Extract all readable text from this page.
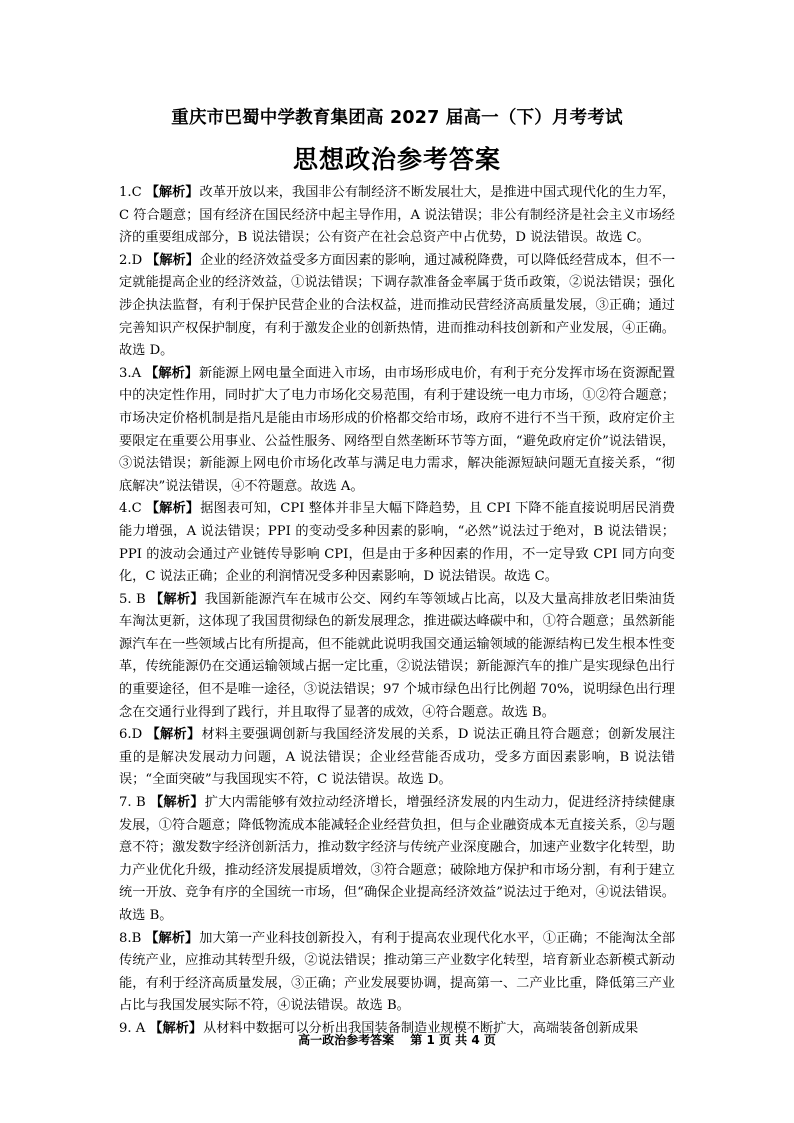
重庆市巴蜀中学教育集团高 2027 届高一（下）月考考试
思想政治参考答案

1.C 【解析】改革开放以来，我国非公有制经济不断发展壮大，是推进中国式现代化的生力军，C 符合题意；国有经济在国民经济中起主导作用，A 说法错误；非公有制经济是社会主义市场经济的重要组成部分，B 说法错误；公有资产在社会总资产中占优势，D 说法错误。故选 C。

2.D 【解析】企业的经济效益受多方面因素的影响，通过减税降费，可以降低经营成本，但不一定就能提高企业的经济效益，①说法错误；下调存款准备金率属于货币政策，②说法错误；强化涉企执法监督，有利于保护民营企业的合法权益，进而推动民营经济高质量发展，③正确；通过完善知识产权保护制度，有利于激发企业的创新热情，进而推动科技创新和产业发展，④正确。故选 D。

3.A 【解析】新能源上网电量全面进入市场，由市场形成电价，有利于充分发挥市场在资源配置中的决定性作用，同时扩大了电力市场化交易范围，有利于建设统一电力市场，①②符合题意；市场决定价格机制是指凡是能由市场形成的价格都交给市场，政府不进行不当干预，政府定价主要限定在重要公用事业、公益性服务、网络型自然垄断环节等方面，“避免政府定价”说法错误，③说法错误；新能源上网电价市场化改革与满足电力需求，解决能源短缺问题无直接关系，“彻底解决”说法错误，④不符题意。故选 A。

4.C 【解析】据图表可知，CPI 整体并非呈大幅下降趋势，且 CPI 下降不能直接说明居民消费能力增强，A 说法错误；PPI 的变动受多种因素的影响，“必然”说法过于绝对，B 说法错误；PPI 的波动会通过产业链传导影响 CPI，但是由于多种因素的作用，不一定导致 CPI 同方向变化，C 说法正确；企业的利润情况受多种因素影响，D 说法错误。故选 C。

5. B 【解析】我国新能源汽车在城市公交、网约车等领域占比高，以及大量高排放老旧柴油货车淘汰更新，这体现了我国贯彻绿色的新发展理念，推进碳达峰碳中和，①符合题意；虽然新能源汽车在一些领域占比有所提高，但不能就此说明我国交通运输领域的能源结构已发生根本性变革，传统能源仍在交通运输领域占据一定比重，②说法错误；新能源汽车的推广是实现绿色出行的重要途径，但不是唯一途径，③说法错误；97 个城市绿色出行比例超 70%，说明绿色出行理念在交通行业得到了践行，并且取得了显著的成效，④符合题意。故选 B。

6.D 【解析】材料主要强调创新与我国经济发展的关系，D 说法正确且符合题意；创新发展注重的是解决发展动力问题，A 说法错误；企业经营能否成功，受多方面因素影响，B 说法错误；“全面突破”与我国现实不符，C 说法错误。故选 D。

7. B 【解析】扩大内需能够有效拉动经济增长，增强经济发展的内生动力，促进经济持续健康发展，①符合题意；降低物流成本能减轻企业经营负担，但与企业融资成本无直接关系，②与题意不符；激发数字经济创新活力，推动数字经济与传统产业深度融合，加速产业数字化转型，助力产业优化升级，推动经济发展提质增效，③符合题意；破除地方保护和市场分割，有利于建立统一开放、竞争有序的全国统一市场，但“确保企业提高经济效益”说法过于绝对，④说法错误。故选 B。

8.B 【解析】加大第一产业科技创新投入，有利于提高农业现代化水平，①正确；不能淘汰全部传统产业，应推动其转型升级，②说法错误；推动第三产业数字化转型，培育新业态新模式新动能，有利于经济高质量发展，③正确；产业发展要协调，提高第一、二产业比重，降低第三产业占比与我国发展实际不符，④说法错误。故选 B。

9. A 【解析】从材料中数据可以分析出我国装备制造业规模不断扩大，高端装备创新成果

高一政治参考答案 第 1 页 共 4 页
